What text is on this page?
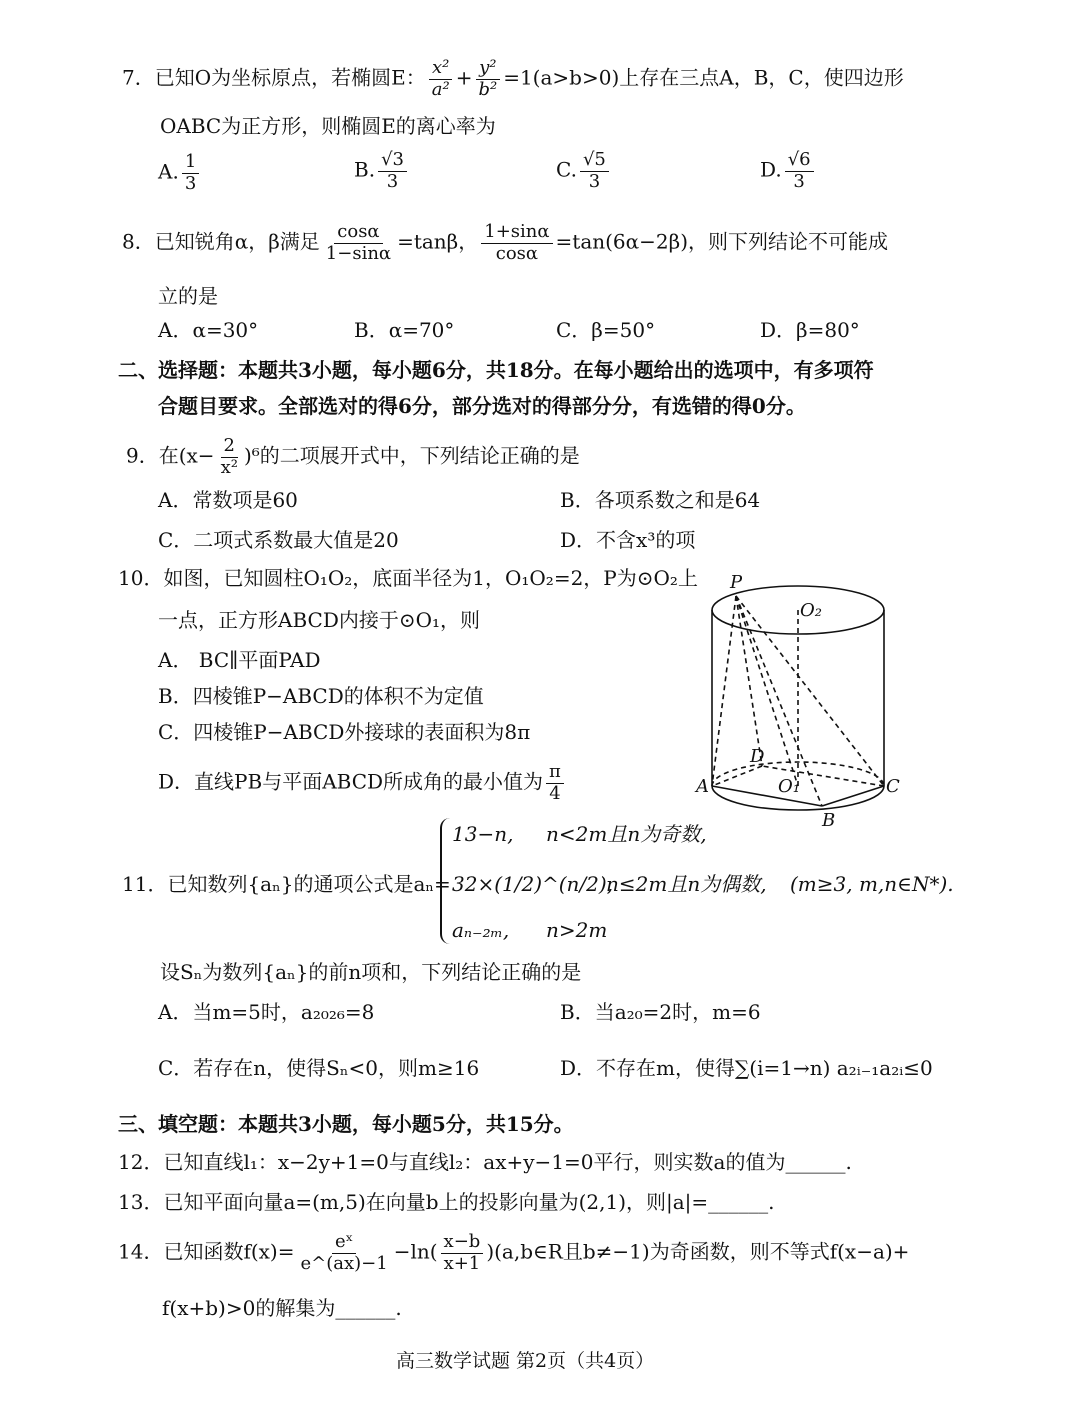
7．已知O为坐标原点，若椭圆E： $\frac{\text{x²}}{\text{a²}} + \frac{\text{y²}}{\text{b²}} =1(a>b>0)$上存在三点A，B，C，使四边形
OABC为正方形，则椭圆E的离心率为
A. $\frac{1}{3}$	B. $\frac{√3}{3}$	C. $\frac{√5}{3}$	D. $\frac{√6}{3}$
8．已知锐角α，β满足 $\frac{\cos\alpha}{1-\sin\alpha} =\tan\beta$， $\frac{1+\sin\alpha}{\cos\alpha} =\tan(6\alpha-2\beta)$，则下列结论不可能成
立的是
A．α=30°	B．α=70°	C．β=50°	D．β=80°
二、选择题：本题共3小题，每小题6分，共18分。在每小题给出的选项中，有多项符
合题目要求。全部选对的得6分，部分选对的得部分分，有选错的得0分。
9．在$(x- \frac{2}{\text{x²}} )^6$的二项展开式中，下列结论正确的是
A．常数项是60	B．各项系数之和是64
C．二项式系数最大值是20	D．不含x³的项
10．如图，已知圆柱O₁O₂，底面半径为1，O₁O₂=2，P为⊙O₂上
一点，正方形ABCD内接于⊙O₁，则
A． BC∥平面PAD
B．四棱锥P−ABCD的体积不为定值
C．四棱锥P−ABCD外接球的表面积为8π
D．直线PB与平面ABCD所成角的最小值为 $\frac{\pi}{4}$
P
O₂
D
A	O₁	C
B
11．已知数列{aₙ}的通项公式是aₙ=
13−n, n<2m且n为奇数,
32×(1/2)^(n/2),
n≤2m且n为偶数, (m≥3, m,n∈N*).
aₙ₋₂ₘ, n>2m
设Sₙ为数列{aₙ}的前n项和，下列结论正确的是
A．当m=5时，a₂₀₂₆=8	B．当a₂₀=2时，m=6
C．若存在n，使得Sₙ<0，则m≥16	D．不存在m，使得∑(i=1→n) a₂ᵢ₋₁a₂ᵢ≤0
三、填空题：本题共3小题，每小题5分，共15分。
12．已知直线l₁：x−2y+1=0与直线l₂：ax+y−1=0平行，则实数a的值为______.
13．已知平面向量a=(m,5)在向量b上的投影向量为(2,1)，则|a|=______.
14．已知函数$f(x)= \frac{\text{eˣ}}{e\^{}(ax)-1} -\ln( \frac{x-b}{x+1}$ )(a,b∈R且b≠−1)为奇函数，则不等式f(x−a)+
f(x+b)>0的解集为______.
高三数学试题 第2页（共4页）
